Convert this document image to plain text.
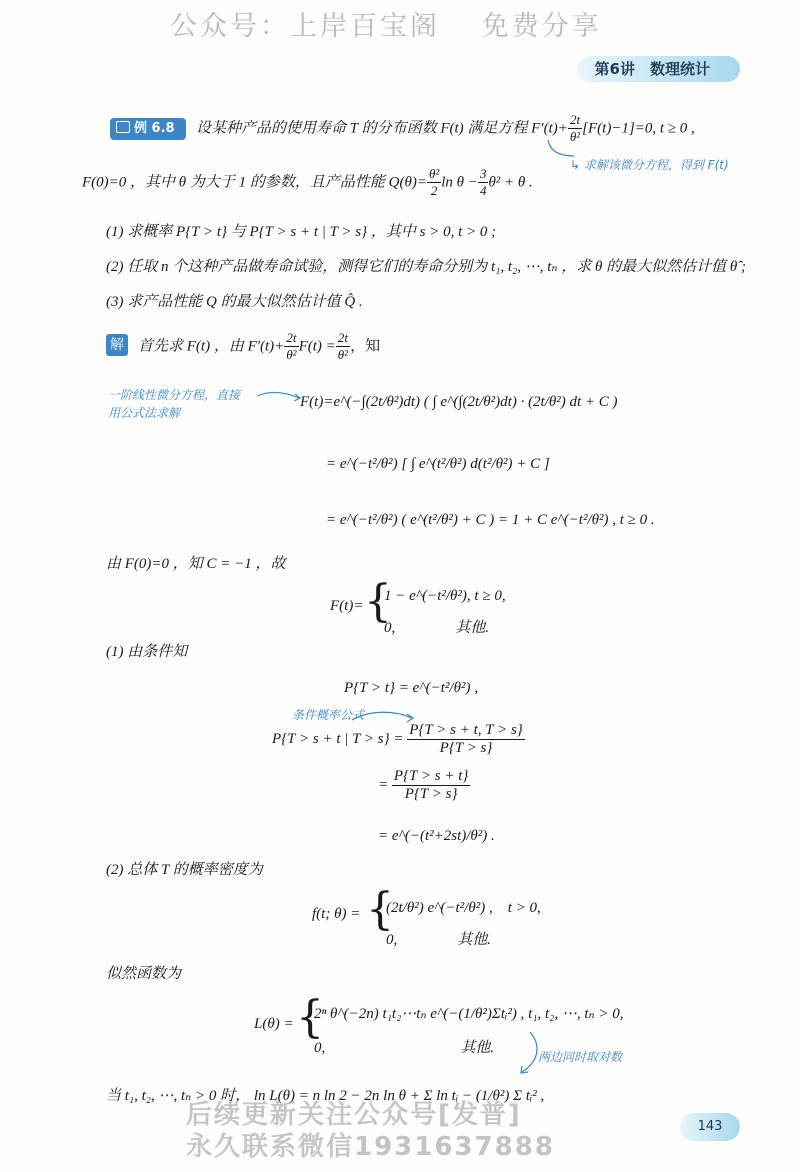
公众号：上岸百宝阁 　免费分享
第6讲　数理统计
例 6.8	设某种产品的使用寿命 T 的分布函数 F(t) 满足方程 $F'(t)+ \frac{2t}{\text{θ²}} [F(t)-1]=0$, t ≥ 0 ,
↳ 求解该微分方程，得到 F(t)
F(0)=0 ，其中 θ 为大于 1 的参数，且产品性能 $Q(\theta)= \frac{\text{θ²}}{2}$ $\ln \theta - \frac{3}{4} \theta^2 + \theta$ .
(1) 求概率 P{T > t} 与 P{T > s + t | T > s} ，其中 s > 0, t > 0 ;
(2) 任取 n 个这种产品做寿命试验，测得它们的寿命分别为 t₁, t₂, ⋯, tₙ ，求 θ 的最大似然估计值 θ̂ ;
(3) 求产品性能 Q 的最大似然估计值 Q̂ .
解 首先求 F(t) ，由 $F'(t)+ \frac{2t}{\text{θ²}} F(t) = \frac{2t}{\text{θ²}}$ ，知
一阶线性微分方程，直接
用公式法求解
F(t)=e^(−∫(2t/θ²)dt) ( ∫ e^(∫(2t/θ²)dt) · (2t/θ²) dt + C )
= e^(−t²/θ²) [ ∫ e^(t²/θ²) d(t²/θ²) + C ]
= e^(−t²/θ²) ( e^(t²/θ²) + C ) = 1 + C e^(−t²/θ²) , t ≥ 0 .
由 F(0)=0 ，知 C = −1 ，故
F(t)= {
1 − e^(−t²/θ²), t ≥ 0,
0,　　　　其他.
(1) 由条件知
P{T > t} = e^(−t²/θ²) ,
条件概率公式
P{T > s + t | $T > s\} = \frac{P\{T > s + t, T > s\}}{P\{T > s\}}$
= $\frac{P\{T > s + t\}}{P\{T > s\}}$
= e^(−(t²+2st)/θ²) .
(2) 总体 T 的概率密度为
f(t; θ) = {
(2t/θ²) e^(−t²/θ²) ,　t > 0,
0,　　　　其他.
似然函数为
L(θ) = {
2ⁿ θ^(−2n) t₁t₂⋯tₙ e^(−(1/θ²)Σtᵢ²) , t₁, t₂, ⋯, tₙ > 0,
0,　　　　　　　　　其他.
两边同时取对数
当 t₁, t₂, ⋯, tₙ > 0 时， ln L(θ) = n ln 2 − 2n ln θ + Σ ln tᵢ − (1/θ²) Σ tᵢ² ,
后续更新关注公众号[发普]
永久联系微信1931637888
143
